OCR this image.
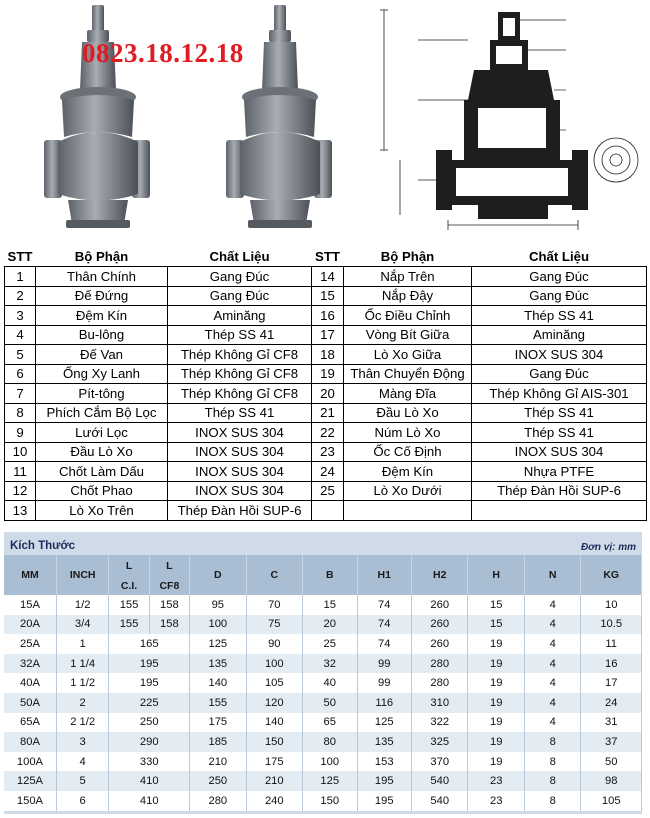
0823.18.12.18
STT	Bộ Phận	Chất Liệu	STT	Bộ Phận	Chất Liệu
1	Thân Chính	Gang Đúc	14	Nắp Trên	Gang Đúc
2	Đế Đứng	Gang Đúc	15	Nắp Đậy	Gang Đúc
3	Đệm Kín	Aminăng	16	Ốc Điều Chỉnh	Thép SS 41
4	Bu-lông	Thép SS 41	17	Vòng Bít Giữa	Aminăng
5	Đế Van	Thép Không Gỉ CF8	18	Lò Xo Giữa	INOX SUS 304
6	Ống Xy Lanh	Thép Không Gỉ CF8	19	Thân Chuyển Động	Gang Đúc
7	Pít-tông	Thép Không Gỉ CF8	20	Màng Đĩa	Thép Không Gỉ AIS-301
8	Phích Cắm Bộ Lọc	Thép SS 41	21	Đầu Lò Xo	Thép SS 41
9	Lưới Lọc	INOX SUS 304	22	Núm Lò Xo	Thép SS 41
10	Đầu Lò Xo	INOX SUS 304	23	Ốc Cố Định	INOX SUS 304
11	Chốt Làm Dấu	INOX SUS 304	24	Đệm Kín	Nhựa PTFE
12	Chốt Phao	INOX SUS 304	25	Lò Xo Dưới	Thép Đàn Hồi SUP-6
13	Lò Xo Trên	Thép Đàn Hồi SUP-6			
Kích Thước	Đơn vị: mm
MM	INCH	L	L	D	C	B	H1	H2	H	N	KG
		C.I.	CF8								
15A	1/2	155	158	95	70	15	74	260	15	4	10
20A	3/4	155	158	100	75	20	74	260	15	4	10.5
25A	1	165		125	90	25	74	260	19	4	11
32A	1 1/4	195		135	100	32	99	280	19	4	16
40A	1 1/2	195		140	105	40	99	280	19	4	17
50A	2	225		155	120	50	116	310	19	4	24
65A	2 1/2	250		175	140	65	125	322	19	4	31
80A	3	290		185	150	80	135	325	19	8	37
100A	4	330		210	175	100	153	370	19	8	50
125A	5	410		250	210	125	195	540	23	8	98
150A	6	410		280	240	150	195	540	23	8	105
